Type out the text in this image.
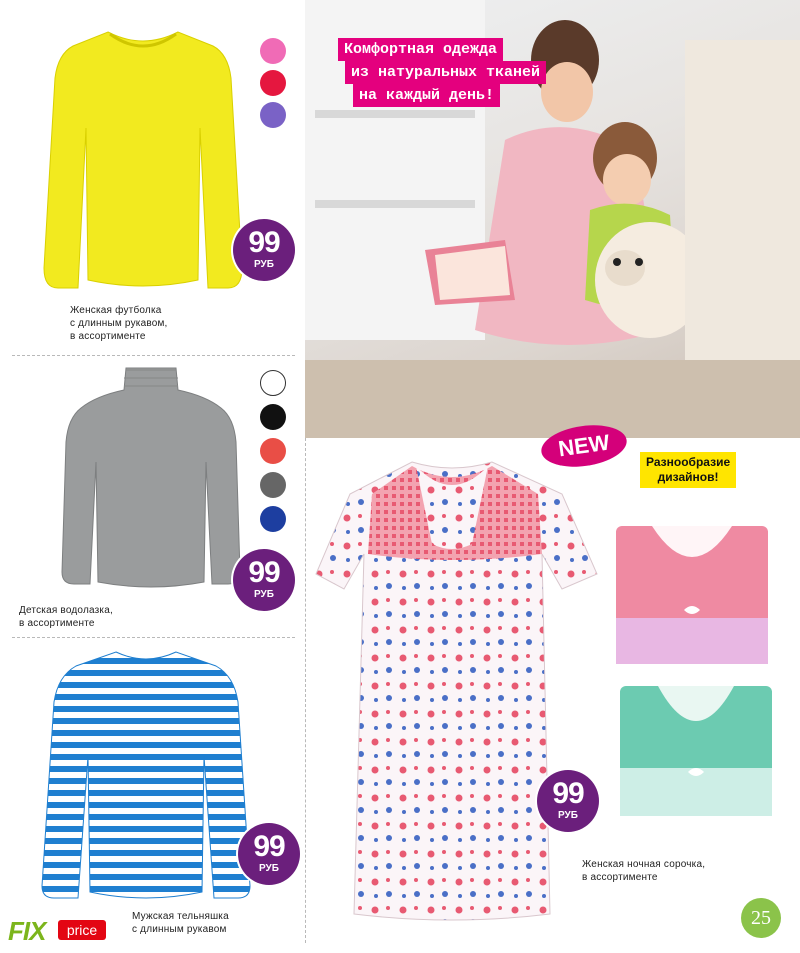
99
РУБ
Женская футболка
с длинным рукавом,
в ассортименте
99
РУБ
Детская водолазка,
в ассортименте
99
РУБ
Мужская тельняшка
с длинным рукавом
Комфортная одежда
из натуральных тканей
на каждый день!
NEW
99
РУБ
Женская ночная сорочка,
в ассортименте
Разнообразие
дизайнов!
FIX	price
25
